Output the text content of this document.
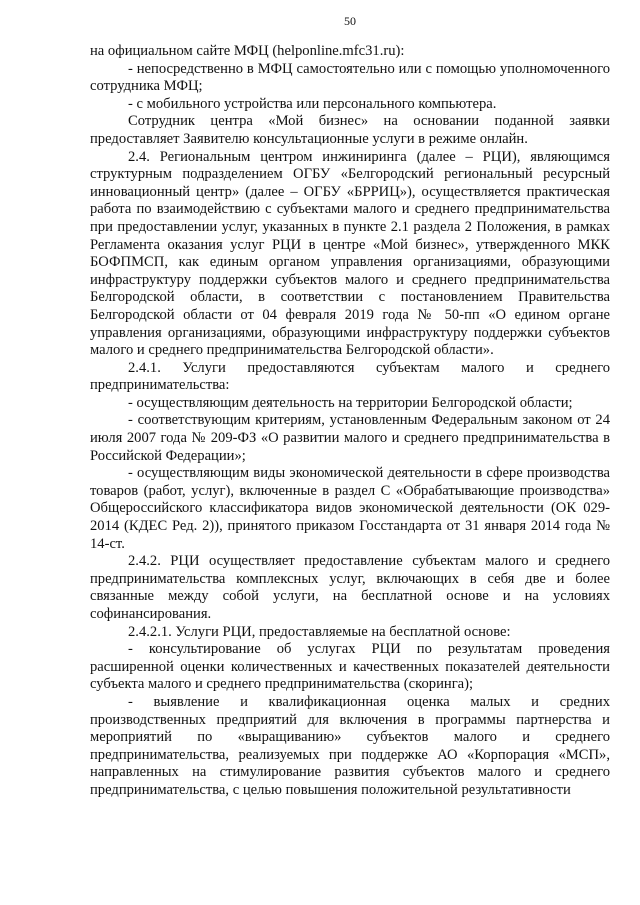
50

на официальном сайте МФЦ (helponline.mfc31.ru):

- непосредственно в МФЦ самостоятельно или с помощью уполномоченного сотрудника МФЦ;

- с мобильного устройства или персонального компьютера.

Сотрудник центра «Мой бизнес» на основании поданной заявки предоставляет Заявителю консультационные услуги в режиме онлайн.

2.4. Региональным центром инжиниринга (далее – РЦИ), являющимся структурным подразделением ОГБУ «Белгородский региональный ресурсный инновационный центр» (далее – ОГБУ «БРРИЦ»), осуществляется практическая работа по взаимодействию с субъектами малого и среднего предпринимательства при предоставлении услуг, указанных в пункте 2.1 раздела 2 Положения, в рамках Регламента оказания услуг РЦИ в центре «Мой бизнес», утвержденного МКК БОФПМСП, как единым органом управления организациями, образующими инфраструктуру поддержки субъектов малого и среднего предпринимательства Белгородской области, в соответствии с постановлением Правительства Белгородской области от 04 февраля 2019 года № 50-пп «О едином органе управления организациями, образующими инфраструктуру поддержки субъектов малого и среднего предпринимательства Белгородской области».

2.4.1. Услуги предоставляются субъектам малого и среднего предпринимательства:

- осуществляющим деятельность на территории Белгородской области;

- соответствующим критериям, установленным Федеральным законом от 24 июля 2007 года № 209-ФЗ «О развитии малого и среднего предпринимательства в Российской Федерации»;

- осуществляющим виды экономической деятельности в сфере производства товаров (работ, услуг), включенные в раздел С «Обрабатывающие производства» Общероссийского классификатора видов экономической деятельности (ОК 029-2014 (КДЕС Ред. 2)), принятого приказом Госстандарта от 31 января 2014 года № 14-ст.

2.4.2. РЦИ осуществляет предоставление субъектам малого и среднего предпринимательства комплексных услуг, включающих в себя две и более связанные между собой услуги, на бесплатной основе и на условиях софинансирования.

2.4.2.1. Услуги РЦИ, предоставляемые на бесплатной основе:

- консультирование об услугах РЦИ по результатам проведения расширенной оценки количественных и качественных показателей деятельности субъекта малого и среднего предпринимательства (скоринга);

- выявление и квалификационная оценка малых и средних производственных предприятий для включения в программы партнерства и мероприятий по «выращиванию» субъектов малого и среднего предпринимательства, реализуемых при поддержке АО «Корпорация «МСП», направленных на стимулирование развития субъектов малого и среднего предпринимательства, с целью повышения положительной результативности
